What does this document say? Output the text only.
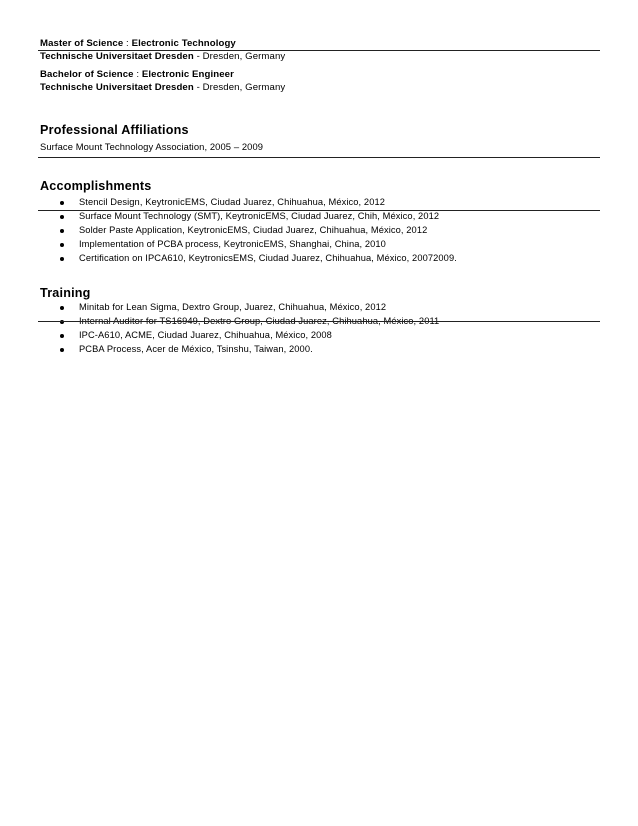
Master of Science : Electronic Technology
Technische Universitaet Dresden - Dresden, Germany
Bachelor of Science : Electronic Engineer
Technische Universitaet Dresden - Dresden, Germany
Professional Affiliations
Surface Mount Technology Association, 2005 – 2009
Accomplishments
Stencil Design, KeytronicEMS, Ciudad Juarez, Chihuahua, México, 2012
Surface Mount Technology (SMT), KeytronicEMS, Ciudad Juarez, Chih, México, 2012
Solder Paste Application, KeytronicEMS, Ciudad Juarez, Chihuahua, México, 2012
Implementation of PCBA process, KeytronicEMS, Shanghai, China, 2010
Certification on IPCA610, KeytronicsEMS, Ciudad Juarez, Chihuahua, México, 20072009.
Training
Minitab for Lean Sigma, Dextro Group, Juarez, Chihuahua, México, 2012
Internal Auditor for TS16949, Dextro Group, Ciudad Juarez, Chihuahua, México, 2011
IPC-A610, ACME, Ciudad Juarez, Chihuahua, México, 2008
PCBA Process, Acer de México, Tsinshu, Taiwan, 2000.
